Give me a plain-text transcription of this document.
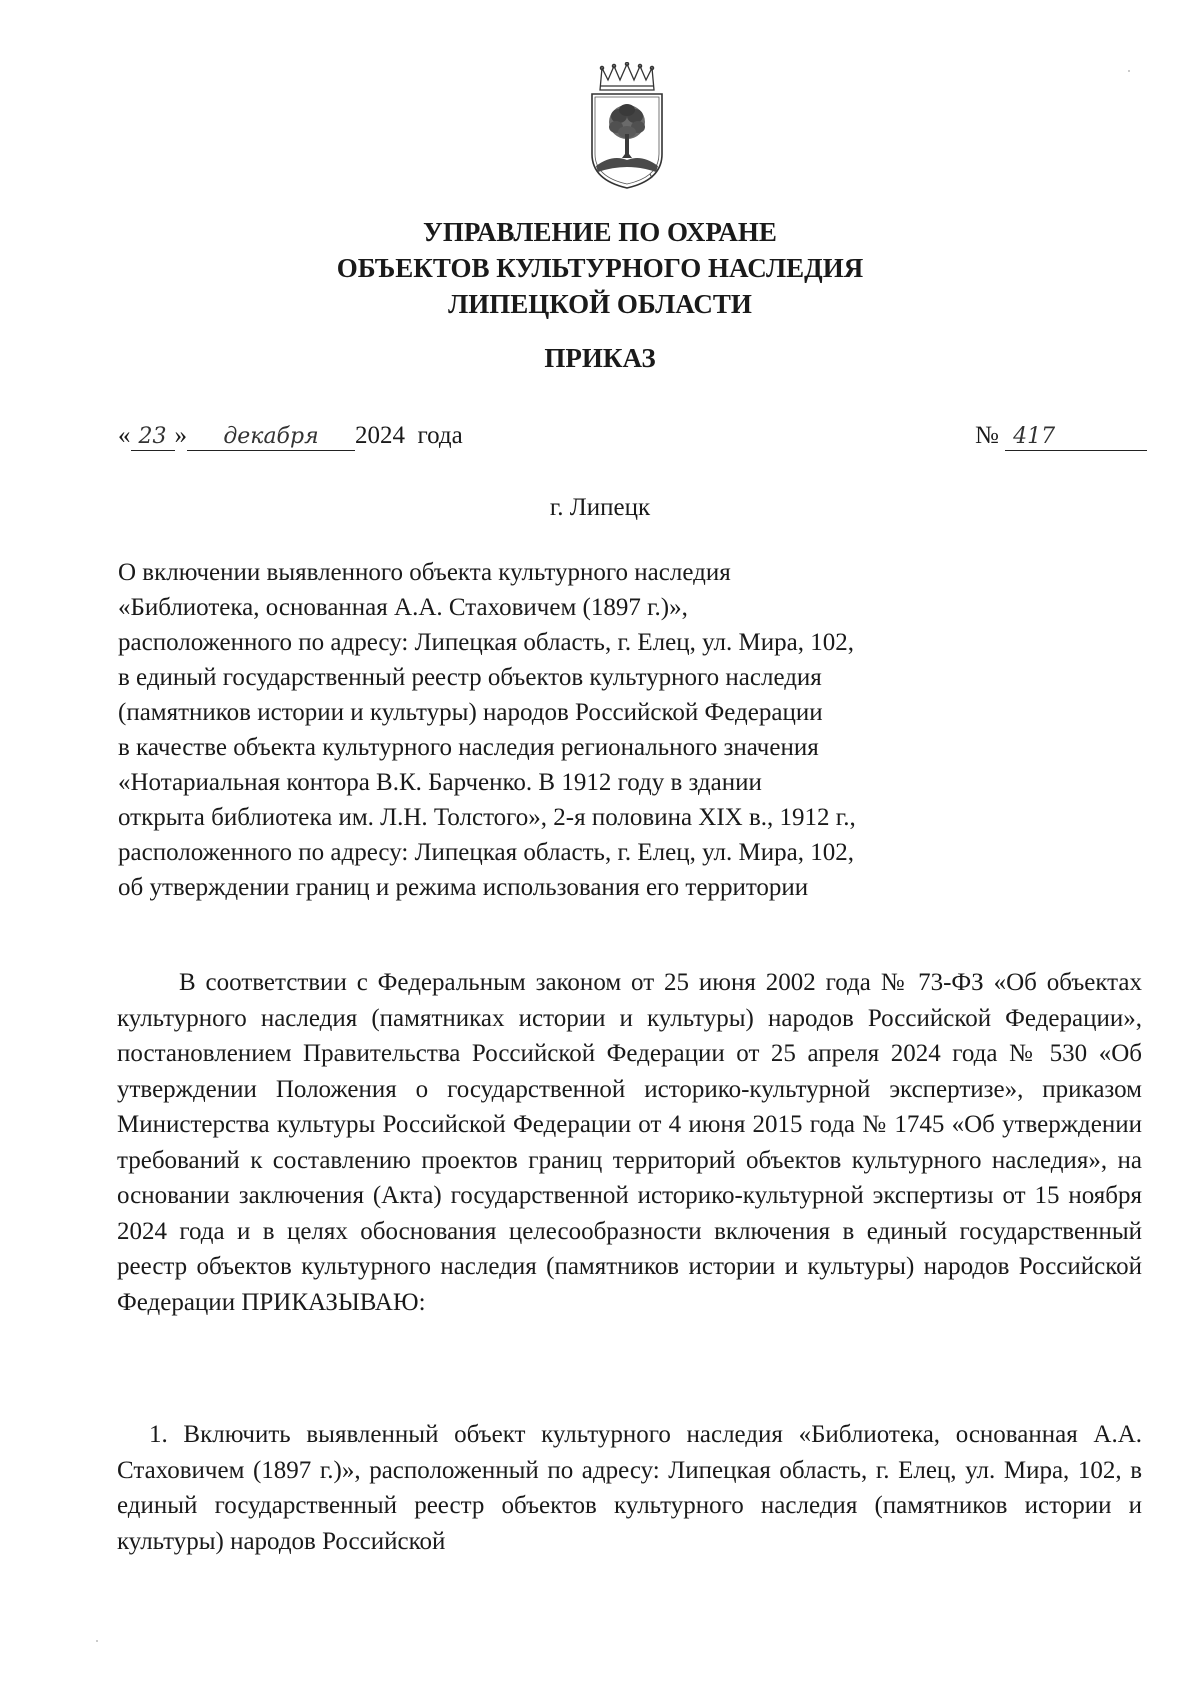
УПРАВЛЕНИЕ ПО ОХРАНЕ
ОБЪЕКТОВ КУЛЬТУРНОГО НАСЛЕДИЯ
ЛИПЕЦКОЙ ОБЛАСТИ
ПРИКАЗ
« 23 » декабря 2024 года	№ 417
г. Липецк
О включении выявленного объекта культурного наследия
«Библиотека, основанная А.А. Стаховичем (1897 г.)»,
расположенного по адресу: Липецкая область, г. Елец, ул. Мира, 102,
в единый государственный реестр объектов культурного наследия
(памятников истории и культуры) народов Российской Федерации
в качестве объекта культурного наследия регионального значения
«Нотариальная контора В.К. Барченко. В 1912 году в здании
открыта библиотека им. Л.Н. Толстого», 2-я половина XIX в., 1912 г.,
расположенного по адресу: Липецкая область, г. Елец, ул. Мира, 102,
об утверждении границ и режима использования его территории

В соответствии с Федеральным законом от 25 июня 2002 года № 73-ФЗ «Об объектах культурного наследия (памятниках истории и культуры) народов Российской Федерации», постановлением Правительства Российской Федерации от 25 апреля 2024 года № 530 «Об утверждении Положения о государственной историко-культурной экспертизе», приказом Министерства культуры Российской Федерации от 4 июня 2015 года № 1745 «Об утверждении требований к составлению проектов границ территорий объектов культурного наследия», на основании заключения (Акта) государственной историко-культурной экспертизы от 15 ноября 2024 года и в целях обоснования целесообразности включения в единый государственный реестр объектов культурного наследия (памятников истории и культуры) народов Российской Федерации ПРИКАЗЫВАЮ:

1. Включить выявленный объект культурного наследия «Библиотека, основанная А.А. Стаховичем (1897 г.)», расположенный по адресу: Липецкая область, г. Елец, ул. Мира, 102, в единый государственный реестр объектов культурного наследия (памятников истории и культуры) народов Российской
